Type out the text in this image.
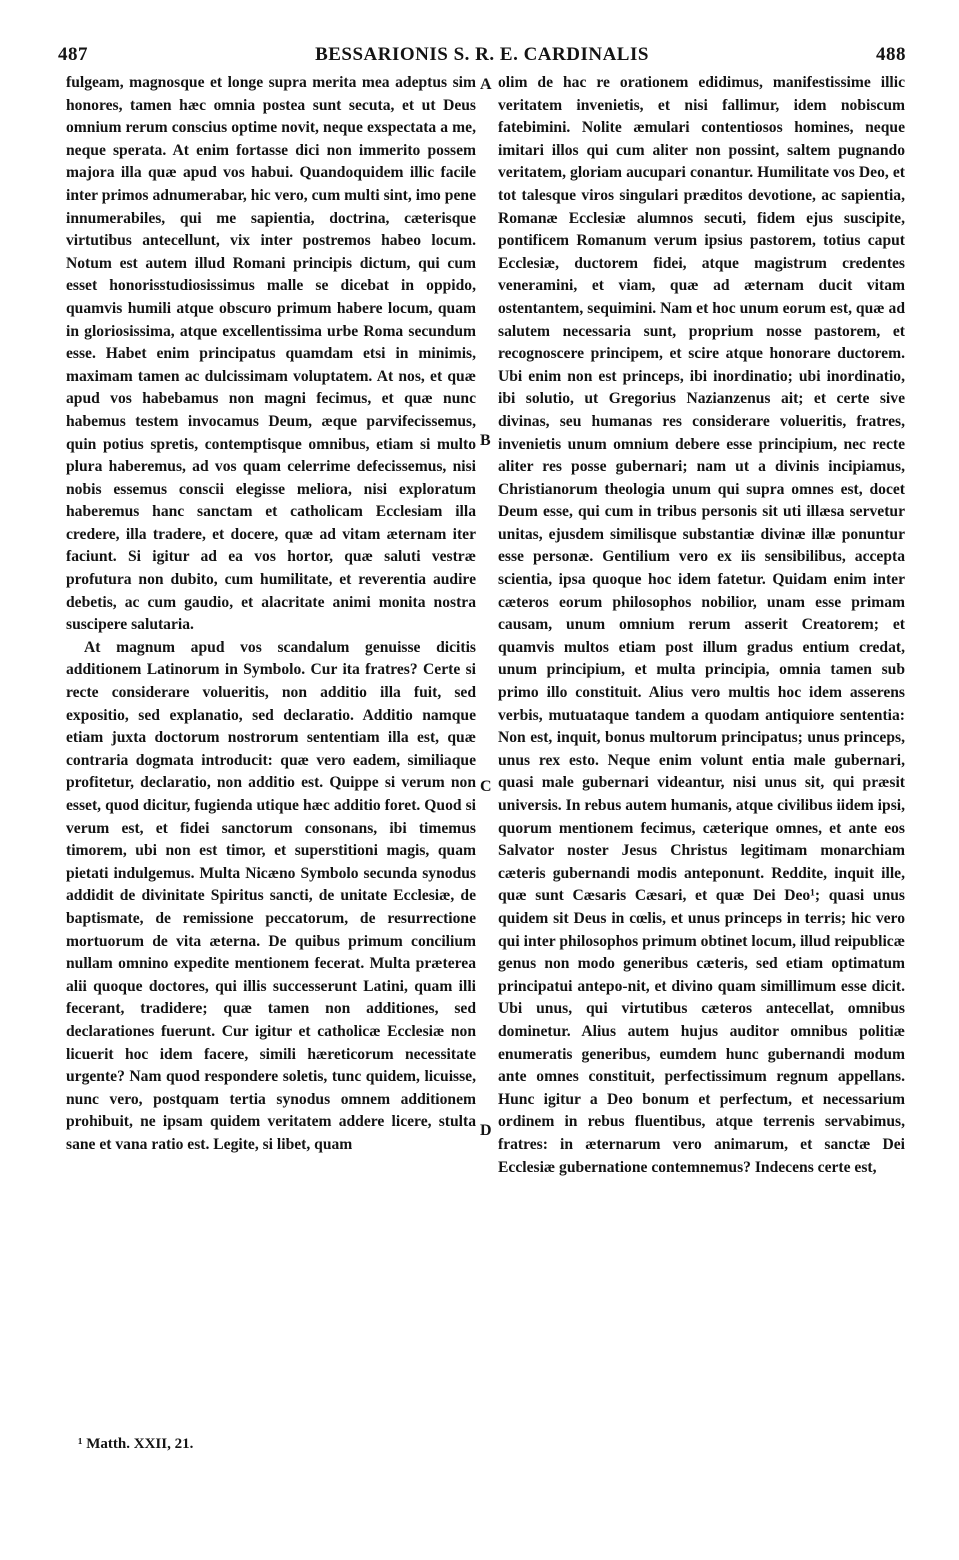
487	BESSARIONIS S. R. E. CARDINALIS	488

fulgeam, magnosque et longe supra merita mea adeptus sim honores, tamen hæc omnia postea sunt secuta, et ut Deus omnium rerum conscius optime novit, neque exspectata a me, neque sperata. At enim fortasse dici non immerito possem majora illa quæ apud vos habui. Quandoquidem illic facile inter primos adnumerabar, hic vero, cum multi sint, imo pene innumerabiles, qui me sapientia, doctrina, cæterisque virtutibus antecellunt, vix inter postremos habeo locum. Notum est autem illud Romani principis dictum, qui cum esset honorisstudiosissimus malle se dicebat in oppido, quamvis humili atque obscuro primum habere locum, quam in gloriosissima, atque excellentissima urbe Roma secundum esse. Habet enim principatus quamdam etsi in minimis, maximam tamen ac dulcissimam voluptatem. At nos, et quæ apud vos habebamus non magni fecimus, et quæ nunc habemus testem invocamus Deum, æque parvifecissemus, quin potius spretis, contemptisque omnibus, etiam si multo plura haberemus, ad vos quam celerrime defecissemus, nisi nobis essemus conscii elegisse meliora, nisi exploratum haberemus hanc sanctam et catholicam Ecclesiam illa credere, illa tradere, et docere, quæ ad vitam æternam iter faciunt. Si igitur ad ea vos hortor, quæ saluti vestræ profutura non dubito, cum humilitate, et reverentia audire debetis, ac cum gaudio, et alacritate animi monita nostra suscipere salutaria.

At magnum apud vos scandalum genuisse dicitis additionem Latinorum in Symbolo. Cur ita fratres? Certe si recte considerare volueritis, non additio illa fuit, sed expositio, sed explanatio, sed declaratio. Additio namque etiam juxta doctorum nostrorum sententiam illa est, quæ contraria dogmata introducit: quæ vero eadem, similiaque profitetur, declaratio, non additio est. Quippe si verum non esset, quod dicitur, fugienda utique hæc additio foret. Quod si verum est, et fidei sanctorum consonans, ibi timemus timorem, ubi non est timor, et superstitioni magis, quam pietati indulgemus. Multa Nicæno Symbolo secunda synodus addidit de divinitate Spiritus sancti, de unitate Ecclesiæ, de baptismate, de remissione peccatorum, de resurrectione mortuorum de vita æterna. De quibus primum concilium nullam omnino expedite mentionem fecerat. Multa præterea alii quoque doctores, qui illis successerunt Latini, quam illi fecerant, tradidere; quæ tamen non additiones, sed declarationes fuerunt. Cur igitur et catholicæ Ecclesiæ non licuerit hoc idem facere, simili hæreticorum necessitate urgente? Nam quod respondere soletis, tunc quidem, licuisse, nunc vero, postquam tertia synodus omnem additionem prohibuit, ne ipsam quidem veritatem addere licere, stulta sane et vana ratio est. Legite, si libet, quam

olim de hac re orationem edidimus, manifestissime illic veritatem invenietis, et nisi fallimur, idem nobiscum fatebimini. Nolite æmulari contentiosos homines, neque imitari illos qui cum aliter non possint, saltem pugnando veritatem, gloriam aucupari conantur. Humilitate vos Deo, et tot talesque viros singulari præditos devotione, ac sapientia, Romanæ Ecclesiæ alumnos secuti, fidem ejus suscipite, pontificem Romanum verum ipsius pastorem, totius caput Ecclesiæ, ductorem fidei, atque magistrum credentes veneramini, et viam, quæ ad æternam ducit vitam ostentantem, sequimini. Nam et hoc unum eorum est, quæ ad salutem necessaria sunt, proprium nosse pastorem, et recognoscere principem, et scire atque honorare ductorem. Ubi enim non est princeps, ibi inordinatio; ubi inordinatio, ibi solutio, ut Gregorius Nazianzenus ait; et certe sive divinas, seu humanas res considerare volueritis, fratres, invenietis unum omnium debere esse principium, nec recte aliter res posse gubernari; nam ut a divinis incipiamus, Christianorum theologia unum qui supra omnes est, docet Deum esse, qui cum in tribus personis sit uti illæsa servetur unitas, ejusdem similisque substantiæ divinæ illæ ponuntur esse personæ. Gentilium vero ex iis sensibilibus, accepta scientia, ipsa quoque hoc idem fatetur. Quidam enim inter cæteros eorum philosophos nobilior, unam esse primam causam, unum omnium rerum asserit Creatorem; et quamvis multos etiam post illum gradus entium credat, unum principium, et multa principia, omnia tamen sub primo illo constituit. Alius vero multis hoc idem asserens verbis, mutuataque tandem a quodam antiquiore sententia: Non est, inquit, bonus multorum principatus; unus princeps, unus rex esto. Neque enim volunt entia male gubernari, quasi male gubernari videantur, nisi unus sit, qui præsit universis. In rebus autem humanis, atque civilibus iidem ipsi, quorum mentionem fecimus, cæterique omnes, et ante eos Salvator noster Jesus Christus legitimam monarchiam cæteris gubernandi modis anteponunt. Reddite, inquit ille, quæ sunt Cæsaris Cæsari, et quæ Dei Deo¹; quasi unus quidem sit Deus in cœlis, et unus princeps in terris; hic vero qui inter philosophos primum obtinet locum, illud reipublicæ genus non modo generibus cæteris, sed etiam optimatum principatui antepo-nit, et divino quam simillimum esse dicit. Ubi unus, qui virtutibus cæteros antecellat, omnibus dominetur. Alius autem hujus auditor omnibus politiæ enumeratis generibus, eumdem hunc gubernandi modum ante omnes constituit, perfectissimum regnum appellans. Hunc igitur a Deo bonum et perfectum, et necessarium ordinem in rebus fluentibus, atque terrenis servabimus, fratres: in æternarum vero animarum, et sanctæ Dei Ecclesiæ gubernatione contemnemus? Indecens certe est,

A
B
C
D
¹ Matth. XXII, 21.
